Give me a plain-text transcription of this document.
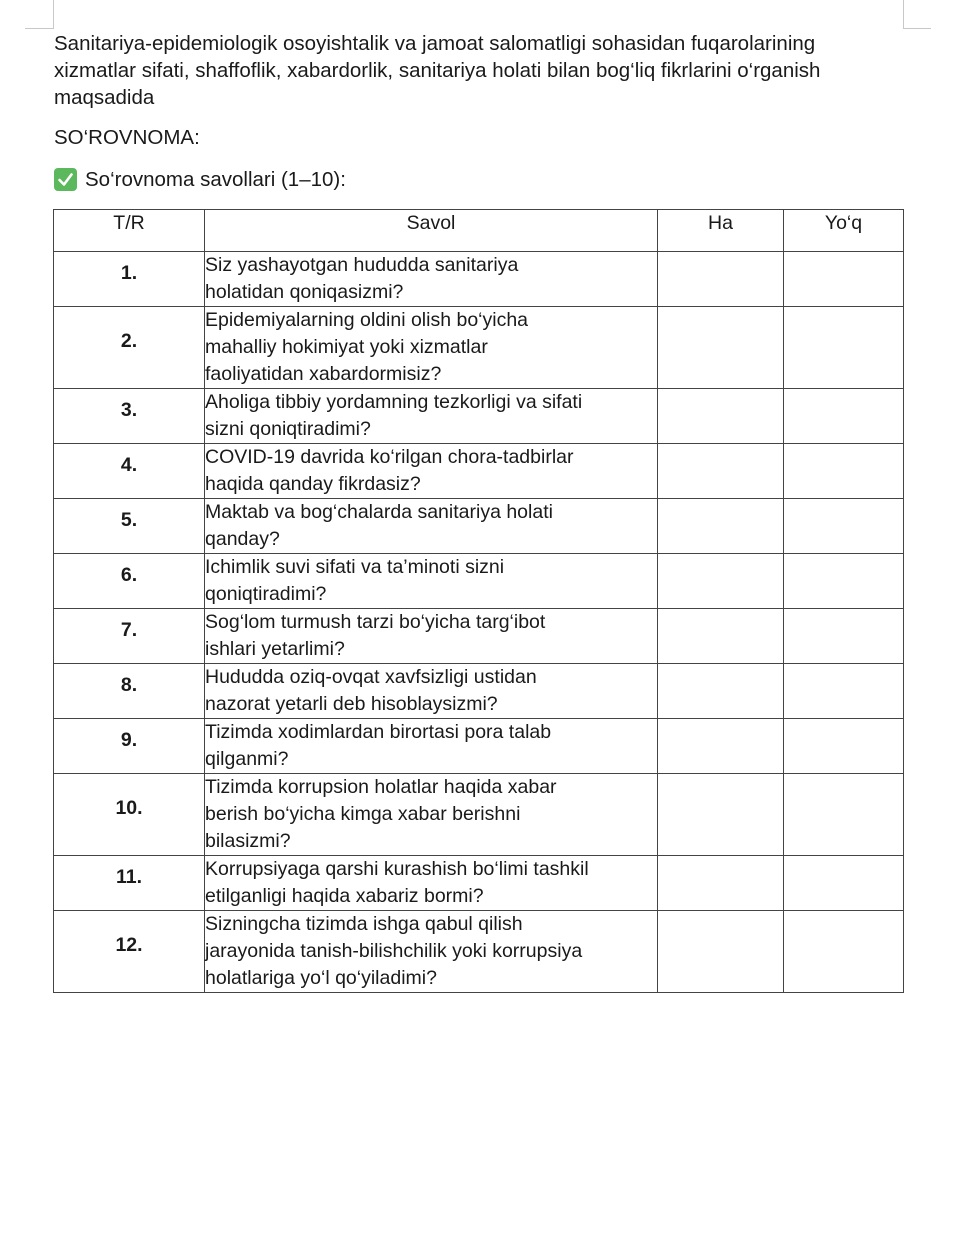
Sanitariya-epidemiologik osoyishtalik va jamoat salomatligi sohasidan fuqarolarining
xizmatlar sifati, shaffoflik, xabardorlik, sanitariya holati bilan bog‘liq fikrlarini o‘rganish
maqsadida
SO‘ROVNOMA:
So‘rovnoma savollari (1–10):
T/R	Savol	Ha	Yo‘q
1.	Siz yashayotgan hududda sanitariya
holatidan qoniqasizmi?		

2.	Epidemiyalarning oldini olish bo‘yicha
mahalliy hokimiyat yoki xizmatlar
faoliyatidan xabardormisiz?		

3.	Aholiga tibbiy yordamning tezkorligi va sifati
sizni qoniqtiradimi?		

4.	COVID-19 davrida ko‘rilgan chora-tadbirlar
haqida qanday fikrdasiz?		

5.	Maktab va bog‘chalarda sanitariya holati
qanday?		

6.	Ichimlik suvi sifati va ta’minoti sizni
qoniqtiradimi?		

7.	Sog‘lom turmush tarzi bo‘yicha targ‘ibot
ishlari yetarlimi?		

8.	Hududda oziq-ovqat xavfsizligi ustidan
nazorat yetarli deb hisoblaysizmi?		

9.	Tizimda xodimlardan birortasi pora talab
qilganmi?		

10.	Tizimda korrupsion holatlar haqida xabar
berish bo‘yicha kimga xabar berishni
bilasizmi?		

11.	Korrupsiyaga qarshi kurashish bo‘limi tashkil
etilganligi haqida xabariz bormi?		

12.	Sizningcha tizimda ishga qabul qilish
jarayonida tanish-bilishchilik yoki korrupsiya
holatlariga yo‘l qo‘yiladimi?		
